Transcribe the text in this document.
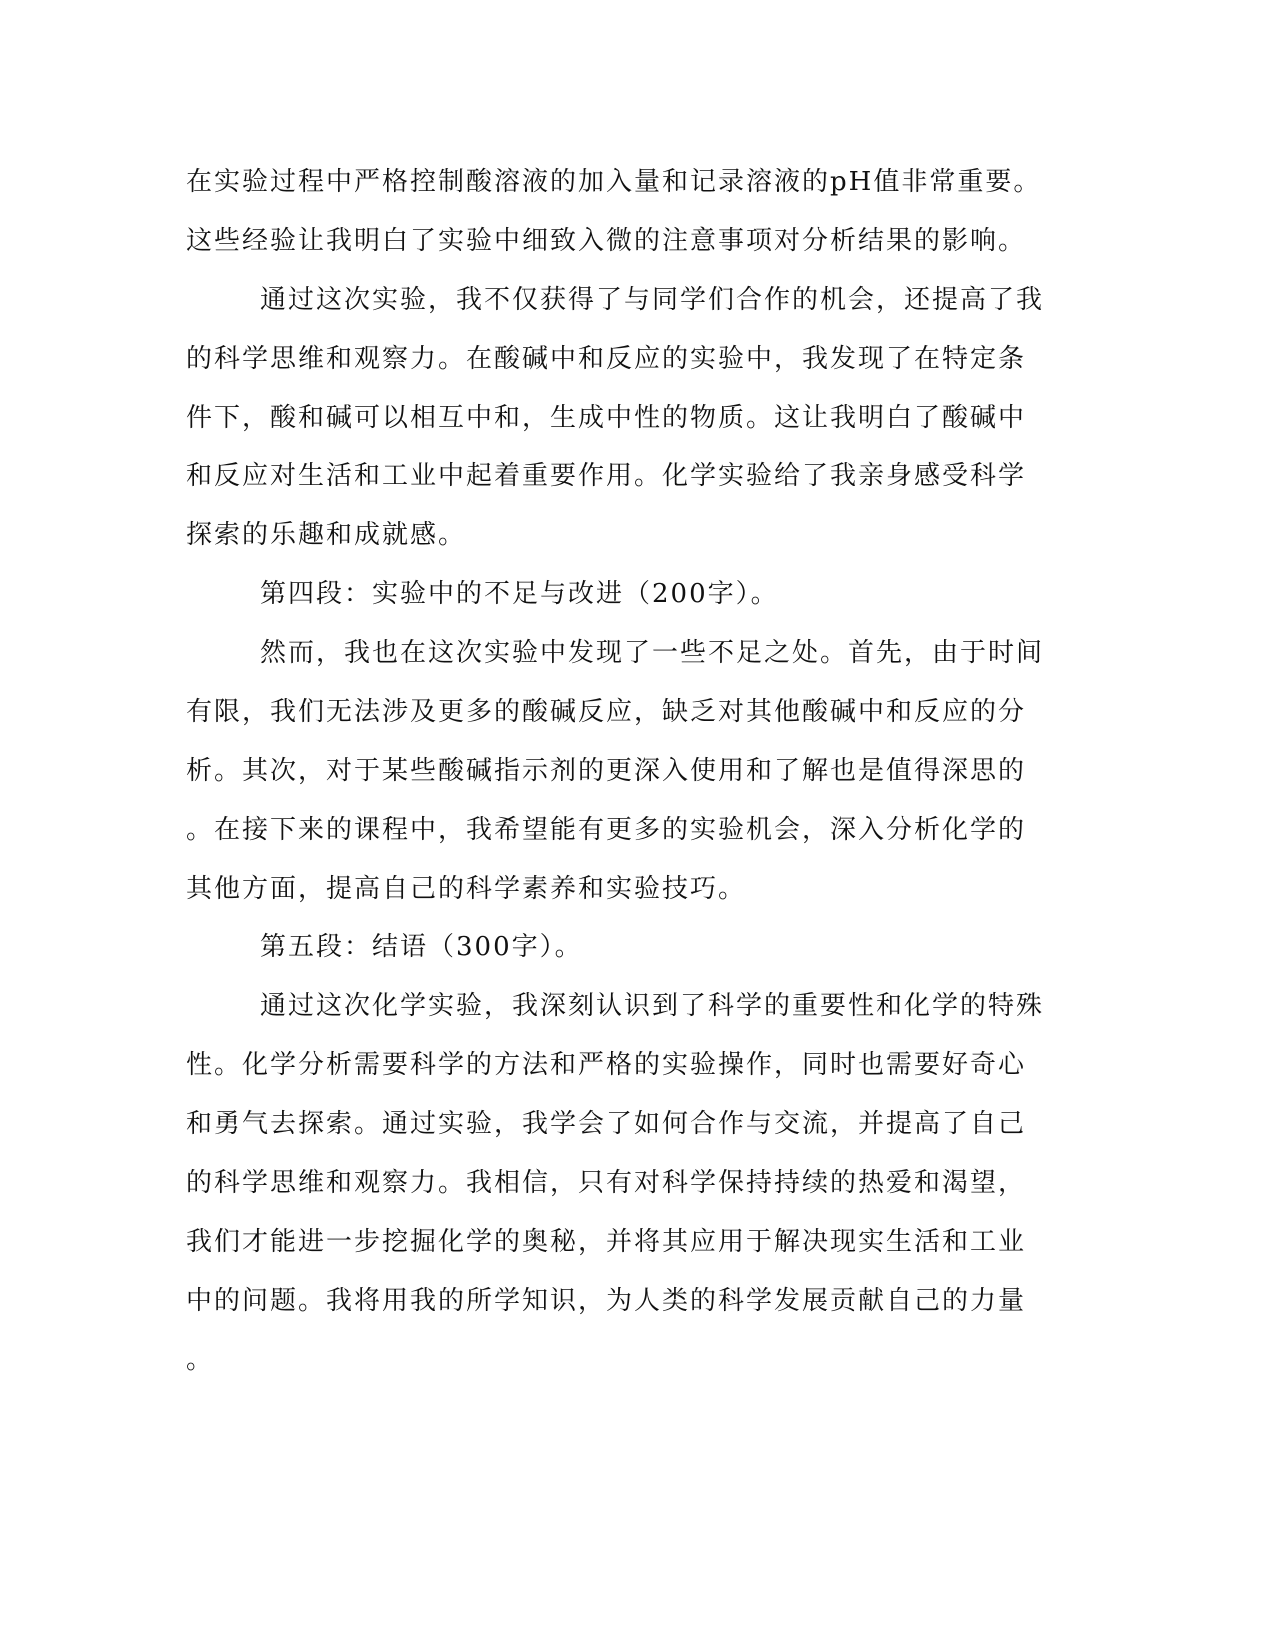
在实验过程中严格控制酸溶液的加入量和记录溶液的pH值非常重要。

这些经验让我明白了实验中细致入微的注意事项对分析结果的影响。

通过这次实验，我不仅获得了与同学们合作的机会，还提高了我

的科学思维和观察力。在酸碱中和反应的实验中，我发现了在特定条

件下，酸和碱可以相互中和，生成中性的物质。这让我明白了酸碱中

和反应对生活和工业中起着重要作用。化学实验给了我亲身感受科学

探索的乐趣和成就感。

第四段：实验中的不足与改进（200字）。

然而，我也在这次实验中发现了一些不足之处。首先，由于时间

有限，我们无法涉及更多的酸碱反应，缺乏对其他酸碱中和反应的分

析。其次，对于某些酸碱指示剂的更深入使用和了解也是值得深思的

。在接下来的课程中，我希望能有更多的实验机会，深入分析化学的

其他方面，提高自己的科学素养和实验技巧。

第五段：结语（300字）。

通过这次化学实验，我深刻认识到了科学的重要性和化学的特殊

性。化学分析需要科学的方法和严格的实验操作，同时也需要好奇心

和勇气去探索。通过实验，我学会了如何合作与交流，并提高了自己

的科学思维和观察力。我相信，只有对科学保持持续的热爱和渴望，

我们才能进一步挖掘化学的奥秘，并将其应用于解决现实生活和工业

中的问题。我将用我的所学知识，为人类的科学发展贡献自己的力量

。
